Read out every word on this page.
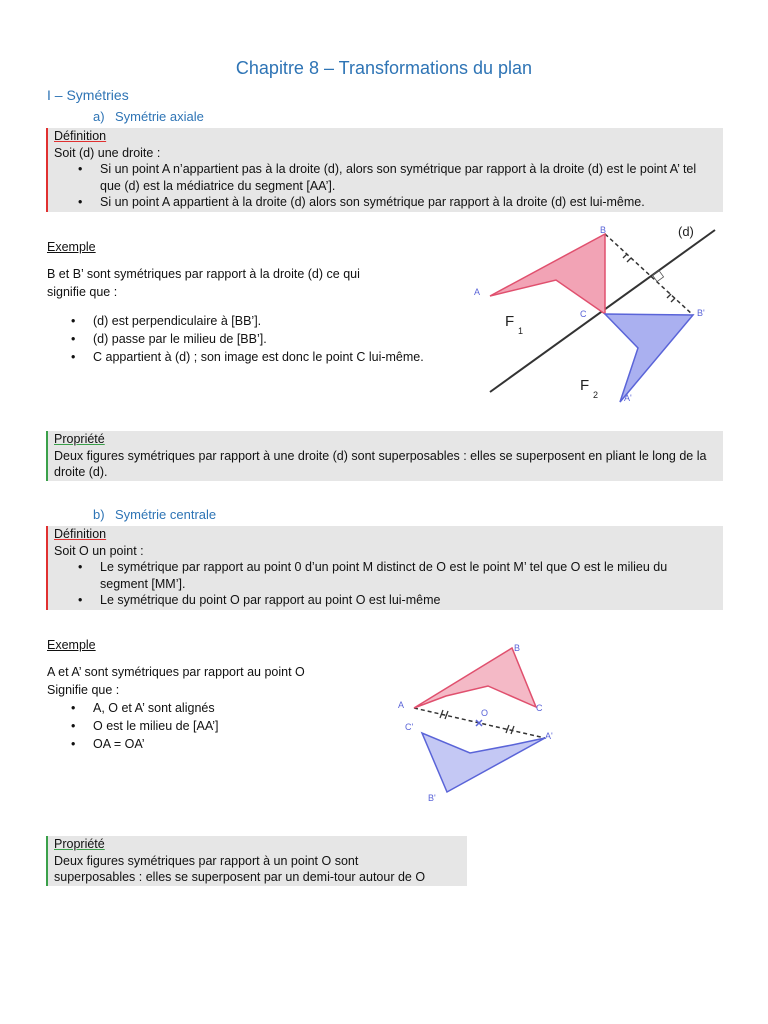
Chapitre 8 – Transformations du plan
I – Symétries
a) Symétrie axiale
Définition
Soit (d) une droite :
• Si un point A n’appartient pas à la droite (d), alors son symétrique par rapport à la droite (d) est le point A’ tel que (d) est la médiatrice du segment [AA’].
• Si un point A appartient à la droite (d) alors son symétrique par rapport à la droite (d) est lui-même.
Exemple
B et B’ sont symétriques par rapport à la droite (d) ce qui
signifie que :
• (d) est perpendiculaire à [BB’].
• (d) passe par le milieu de [BB’].
• C appartient à (d) ; son image est donc le point C lui-même.
A
B
C	B'
A'
(d)
F
1
F
2
Propriété
Deux figures symétriques par rapport à une droite (d) sont superposables : elles se superposent en pliant le long de la droite (d).
b) Symétrie centrale
Définition
Soit O un point :
• Le symétrique par rapport au point 0 d’un point M distinct de O est le point M’ tel que O est le milieu du segment [MM’].
• Le symétrique du point O par rapport au point O est lui-même
Exemple
A et A’ sont symétriques par rapport au point O
Signifie que :
• A, O et A’ sont alignés
• O est le milieu de [AA’]
• OA = OA’
A
B
C
O
A'
B'
C'
Propriété
Deux figures symétriques par rapport à un point O sont
superposables : elles se superposent par un demi-tour autour de O
